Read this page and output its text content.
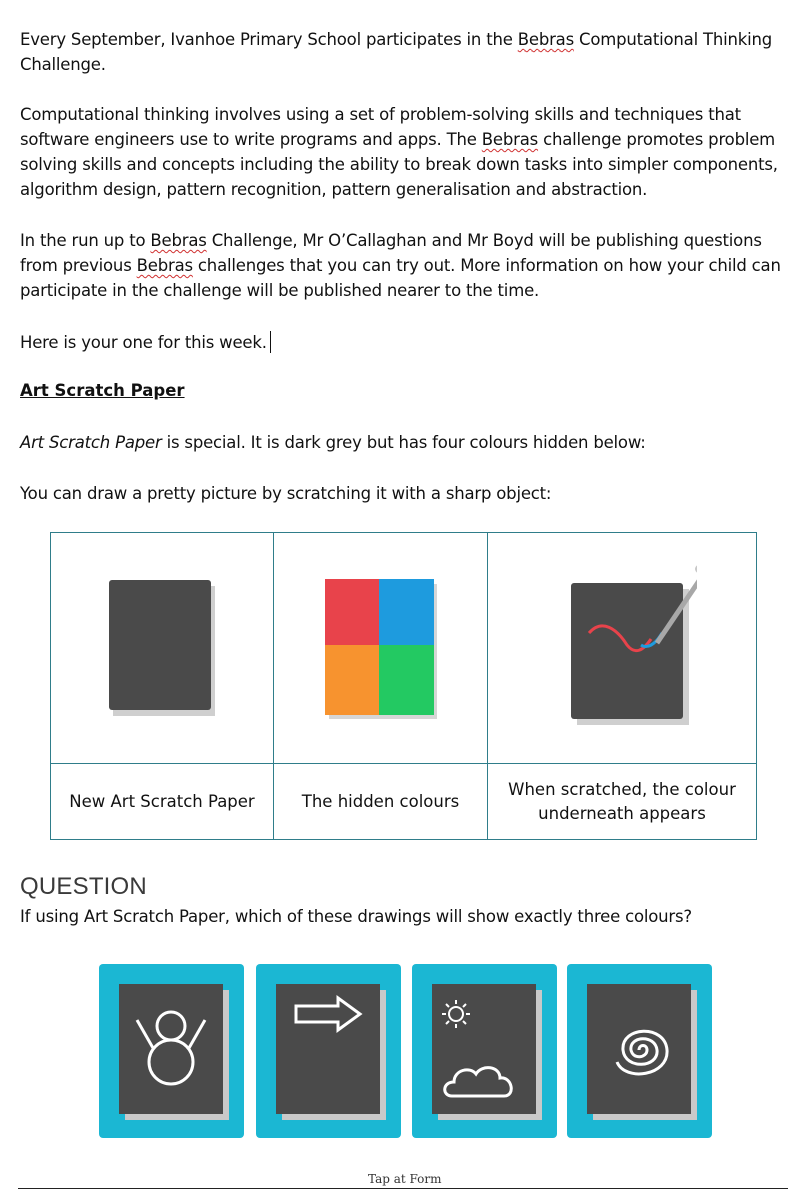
Every September, Ivanhoe Primary School participates in the Bebras Computational Thinking Challenge.
Computational thinking involves using a set of problem-solving skills and techniques that software engineers use to write programs and apps. The Bebras challenge promotes problem solving skills and concepts including the ability to break down tasks into simpler components, algorithm design, pattern recognition, pattern generalisation and abstraction.
In the run up to Bebras Challenge, Mr O’Callaghan and Mr Boyd will be publishing questions from previous Bebras challenges that you can try out. More information on how your child can participate in the challenge will be published nearer to the time.
Here is your one for this week.
Art Scratch Paper
Art Scratch Paper is special. It is dark grey but has four colours hidden below:
You can draw a pretty picture by scratching it with a sharp object:

New Art Scratch Paper	The hidden colours	When scratched, the colour underneath appears
QUESTION
If using Art Scratch Paper, which of these drawings will show exactly three colours?
Tap at Form
